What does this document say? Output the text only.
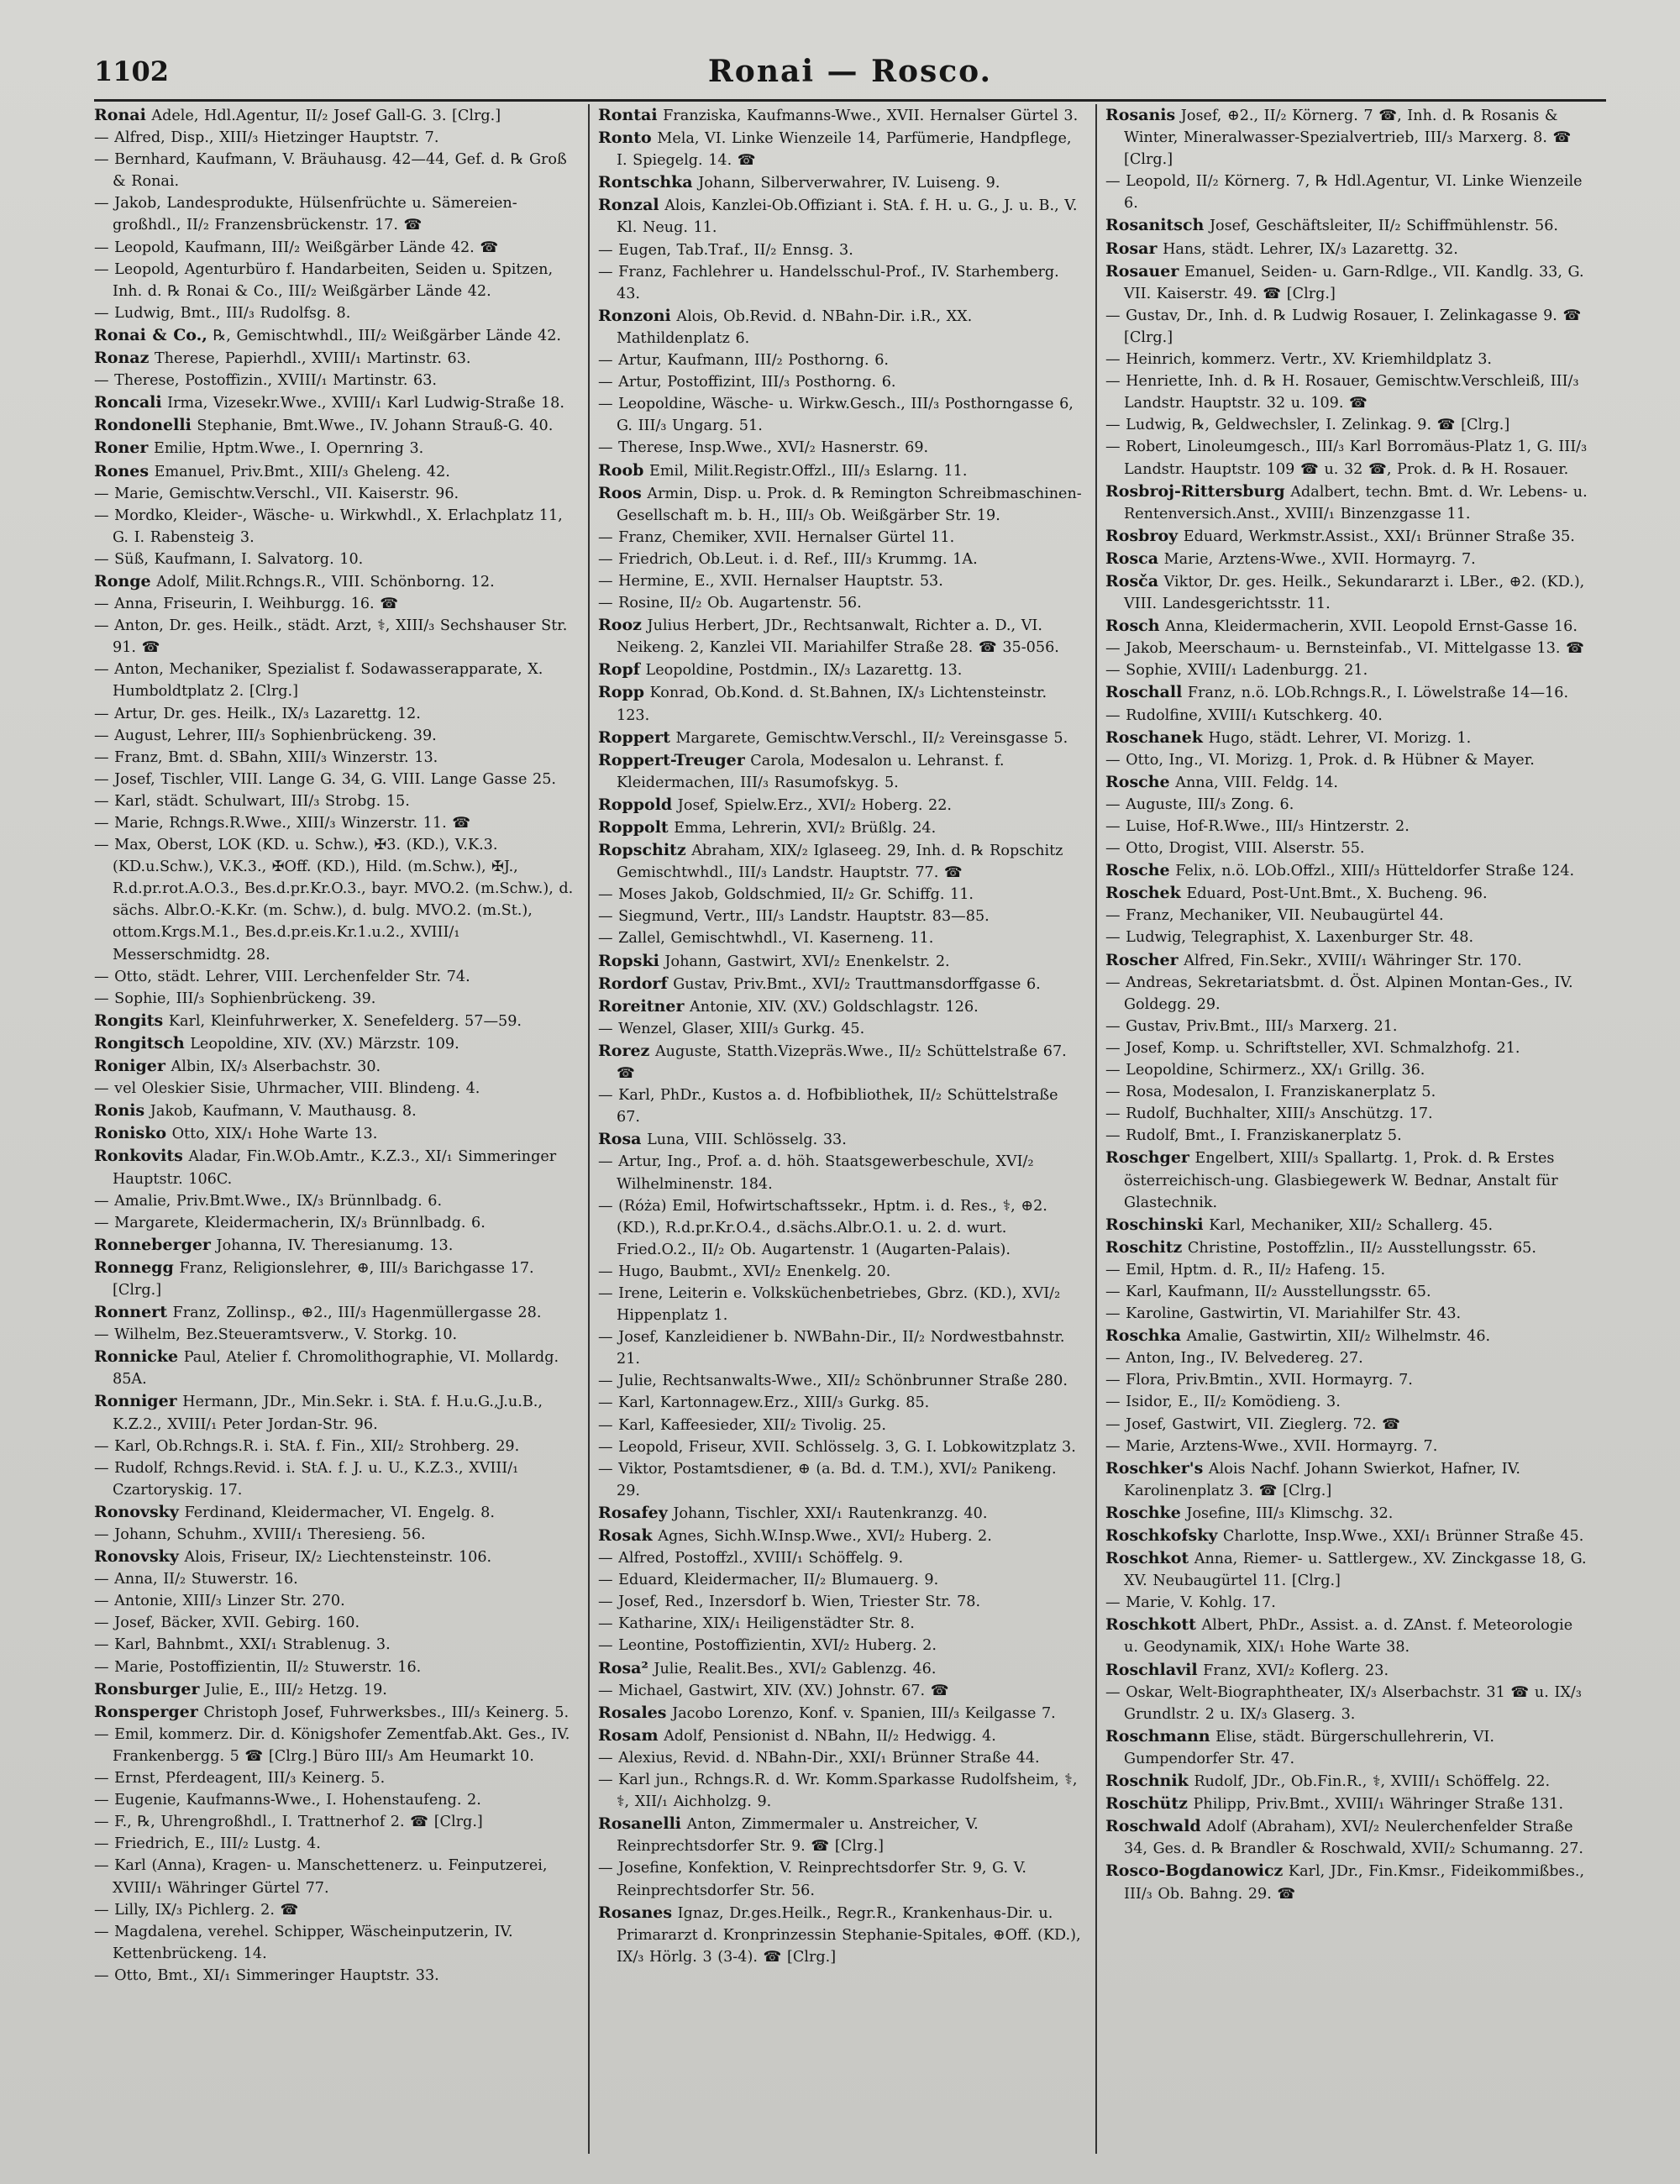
1102	Ronai — Rosco.
Ronai Adele, Hdl.Agentur, II/₂ Josef Gall-G. 3. [Clrg.]
— Alfred, Disp., XIII/₃ Hietzinger Hauptstr. 7.
— Bernhard, Kaufmann, V. Bräuhausg. 42—44, Gef. d. ℞ Groß & Ronai.
— Jakob, Landesprodukte, Hülsenfrüchte u. Sämereien-großhdl., II/₂ Franzensbrückenstr. 17. ☎
— Leopold, Kaufmann, III/₂ Weißgärber Lände 42. ☎
— Leopold, Agenturbüro f. Handarbeiten, Seiden u. Spitzen, Inh. d. ℞ Ronai & Co., III/₂ Weißgärber Lände 42.
— Ludwig, Bmt., III/₃ Rudolfsg. 8.
Ronai & Co., ℞, Gemischtwhdl., III/₂ Weißgärber Lände 42.
Ronaz Therese, Papierhdl., XVIII/₁ Martinstr. 63.
— Therese, Postoffizin., XVIII/₁ Martinstr. 63.
Roncali Irma, Vizesekr.Wwe., XVIII/₁ Karl Ludwig-Straße 18.
Rondonelli Stephanie, Bmt.Wwe., IV. Johann Strauß-G. 40.
Roner Emilie, Hptm.Wwe., I. Opernring 3.
Rones Emanuel, Priv.Bmt., XIII/₃ Gheleng. 42.
— Marie, Gemischtw.Verschl., VII. Kaiserstr. 96.
— Mordko, Kleider-, Wäsche- u. Wirkwhdl., X. Erlachplatz 11, G. I. Rabensteig 3.
— Süß, Kaufmann, I. Salvatorg. 10.
Ronge Adolf, Milit.Rchngs.R., VIII. Schönborng. 12.
— Anna, Friseurin, I. Weihburgg. 16. ☎
— Anton, Dr. ges. Heilk., städt. Arzt, ⚕, XIII/₃ Sechshauser Str. 91. ☎
— Anton, Mechaniker, Spezialist f. Sodawasserapparate, X. Humboldtplatz 2. [Clrg.]
— Artur, Dr. ges. Heilk., IX/₃ Lazarettg. 12.
— August, Lehrer, III/₃ Sophienbrückeng. 39.
— Franz, Bmt. d. SBahn, XIII/₃ Winzerstr. 13.
— Josef, Tischler, VIII. Lange G. 34, G. VIII. Lange Gasse 25.
— Karl, städt. Schulwart, III/₃ Strobg. 15.
— Marie, Rchngs.R.Wwe., XIII/₃ Winzerstr. 11. ☎
— Max, Oberst, LOK (KD. u. Schw.), ✠3. (KD.), V.K.3. (KD.u.Schw.), V.K.3., ✠Off. (KD.), Hild. (m.Schw.), ✠J., R.d.pr.rot.A.O.3., Bes.d.pr.Kr.O.3., bayr. MVO.2. (m.Schw.), d. sächs. Albr.O.-K.Kr. (m. Schw.), d. bulg. MVO.2. (m.St.), ottom.Krgs.M.1., Bes.d.pr.eis.Kr.1.u.2., XVIII/₁ Messerschmidtg. 28.
— Otto, städt. Lehrer, VIII. Lerchenfelder Str. 74.
— Sophie, III/₃ Sophienbrückeng. 39.
Rongits Karl, Kleinfuhrwerker, X. Senefelderg. 57—59.
Rongitsch Leopoldine, XIV. (XV.) Märzstr. 109.
Roniger Albin, IX/₃ Alserbachstr. 30.
— vel Oleskier Sisie, Uhrmacher, VIII. Blindeng. 4.
Ronis Jakob, Kaufmann, V. Mauthausg. 8.
Ronisko Otto, XIX/₁ Hohe Warte 13.
Ronkovits Aladar, Fin.W.Ob.Amtr., K.Z.3., XI/₁ Simmeringer Hauptstr. 106C.
— Amalie, Priv.Bmt.Wwe., IX/₃ Brünnlbadg. 6.
— Margarete, Kleidermacherin, IX/₃ Brünnlbadg. 6.
Ronneberger Johanna, IV. Theresianumg. 13.
Ronnegg Franz, Religionslehrer, ⊕, III/₃ Barichgasse 17. [Clrg.]
Ronnert Franz, Zollinsp., ⊕2., III/₃ Hagenmüllergasse 28.
— Wilhelm, Bez.Steueramtsverw., V. Storkg. 10.
Ronnicke Paul, Atelier f. Chromolithographie, VI. Mollardg. 85A.
Ronniger Hermann, JDr., Min.Sekr. i. StA. f. H.u.G.,J.u.B., K.Z.2., XVIII/₁ Peter Jordan-Str. 96.
— Karl, Ob.Rchngs.R. i. StA. f. Fin., XII/₂ Strohberg. 29.
— Rudolf, Rchngs.Revid. i. StA. f. J. u. U., K.Z.3., XVIII/₁ Czartoryskig. 17.
Ronovsky Ferdinand, Kleidermacher, VI. Engelg. 8.
— Johann, Schuhm., XVIII/₁ Theresieng. 56.
Ronovsky Alois, Friseur, IX/₂ Liechtensteinstr. 106.
— Anna, II/₂ Stuwerstr. 16.
— Antonie, XIII/₃ Linzer Str. 270.
— Josef, Bäcker, XVII. Gebirg. 160.
— Karl, Bahnbmt., XXI/₁ Strablenug. 3.
— Marie, Postoffizientin, II/₂ Stuwerstr. 16.
Ronsburger Julie, E., III/₂ Hetzg. 19.
Ronsperger Christoph Josef, Fuhrwerksbes., III/₃ Keinerg. 5.
— Emil, kommerz. Dir. d. Königshofer Zementfab.Akt. Ges., IV. Frankenbergg. 5 ☎ [Clrg.] Büro III/₃ Am Heumarkt 10.
— Ernst, Pferdeagent, III/₃ Keinerg. 5.
— Eugenie, Kaufmanns-Wwe., I. Hohenstaufeng. 2.
— F., ℞, Uhrengroßhdl., I. Trattnerhof 2. ☎ [Clrg.]
— Friedrich, E., III/₂ Lustg. 4.
— Karl (Anna), Kragen- u. Manschettenerz. u. Feinputzerei, XVIII/₁ Währinger Gürtel 77.
— Lilly, IX/₃ Pichlerg. 2. ☎
— Magdalena, verehel. Schipper, Wäscheinputzerin, IV. Kettenbrückeng. 14.
— Otto, Bmt., XI/₁ Simmeringer Hauptstr. 33.
Rontai Franziska, Kaufmanns-Wwe., XVII. Hernalser Gürtel 3.
Ronto Mela, VI. Linke Wienzeile 14, Parfümerie, Handpflege, I. Spiegelg. 14. ☎
Rontschka Johann, Silberverwahrer, IV. Luiseng. 9.
Ronzal Alois, Kanzlei-Ob.Offiziant i. StA. f. H. u. G., J. u. B., V. Kl. Neug. 11.
— Eugen, Tab.Traf., II/₂ Ennsg. 3.
— Franz, Fachlehrer u. Handelsschul-Prof., IV. Starhemberg. 43.
Ronzoni Alois, Ob.Revid. d. NBahn-Dir. i.R., XX. Mathildenplatz 6.
— Artur, Kaufmann, III/₂ Posthorng. 6.
— Artur, Postoffizint, III/₃ Posthorng. 6.
— Leopoldine, Wäsche- u. Wirkw.Gesch., III/₃ Posthorngasse 6, G. III/₃ Ungarg. 51.
— Therese, Insp.Wwe., XVI/₂ Hasnerstr. 69.
Roob Emil, Milit.Registr.Offzl., III/₃ Eslarng. 11.
Roos Armin, Disp. u. Prok. d. ℞ Remington Schreibmaschinen-Gesellschaft m. b. H., III/₃ Ob. Weißgärber Str. 19.
— Franz, Chemiker, XVII. Hernalser Gürtel 11.
— Friedrich, Ob.Leut. i. d. Ref., III/₃ Krummg. 1A.
— Hermine, E., XVII. Hernalser Hauptstr. 53.
— Rosine, II/₂ Ob. Augartenstr. 56.
Rooz Julius Herbert, JDr., Rechtsanwalt, Richter a. D., VI. Neikeng. 2, Kanzlei VII. Mariahilfer Straße 28. ☎ 35-056.
Ropf Leopoldine, Postdmin., IX/₃ Lazarettg. 13.
Ropp Konrad, Ob.Kond. d. St.Bahnen, IX/₃ Lichtensteinstr. 123.
Roppert Margarete, Gemischtw.Verschl., II/₂ Vereinsgasse 5.
Roppert-Treuger Carola, Modesalon u. Lehranst. f. Kleidermachen, III/₃ Rasumofskyg. 5.
Roppold Josef, Spielw.Erz., XVI/₂ Hoberg. 22.
Roppolt Emma, Lehrerin, XVI/₂ Brüßlg. 24.
Ropschitz Abraham, XIX/₂ Iglaseeg. 29, Inh. d. ℞ Ropschitz Gemischtwhdl., III/₃ Landstr. Hauptstr. 77. ☎
— Moses Jakob, Goldschmied, II/₂ Gr. Schiffg. 11.
— Siegmund, Vertr., III/₃ Landstr. Hauptstr. 83—85.
— Zallel, Gemischtwhdl., VI. Kaserneng. 11.
Ropski Johann, Gastwirt, XVI/₂ Enenkelstr. 2.
Rordorf Gustav, Priv.Bmt., XVI/₂ Trauttmansdorffgasse 6.
Roreitner Antonie, XIV. (XV.) Goldschlagstr. 126.
— Wenzel, Glaser, XIII/₃ Gurkg. 45.
Rorez Auguste, Statth.Vizepräs.Wwe., II/₂ Schüttelstraße 67. ☎
— Karl, PhDr., Kustos a. d. Hofbibliothek, II/₂ Schüttelstraße 67.
Rosa Luna, VIII. Schlösselg. 33.
— Artur, Ing., Prof. a. d. höh. Staatsgewerbeschule, XVI/₂ Wilhelminenstr. 184.
— (Róża) Emil, Hofwirtschaftssekr., Hptm. i. d. Res., ⚕, ⊕2. (KD.), R.d.pr.Kr.O.4., d.sächs.Albr.O.1. u. 2. d. wurt. Fried.O.2., II/₂ Ob. Augartenstr. 1 (Augarten-Palais).
— Hugo, Baubmt., XVI/₂ Enenkelg. 20.
— Irene, Leiterin e. Volksküchenbetriebes, Gbrz. (KD.), XVI/₂ Hippenplatz 1.
— Josef, Kanzleidiener b. NWBahn-Dir., II/₂ Nordwestbahnstr. 21.
— Julie, Rechtsanwalts-Wwe., XII/₂ Schönbrunner Straße 280.
— Karl, Kartonnagew.Erz., XIII/₃ Gurkg. 85.
— Karl, Kaffeesieder, XII/₂ Tivolig. 25.
— Leopold, Friseur, XVII. Schlösselg. 3, G. I. Lobkowitzplatz 3.
— Viktor, Postamtsdiener, ⊕ (a. Bd. d. T.M.), XVI/₂ Panikeng. 29.
Rosafey Johann, Tischler, XXI/₁ Rautenkranzg. 40.
Rosak Agnes, Sichh.W.Insp.Wwe., XVI/₂ Huberg. 2.
— Alfred, Postoffzl., XVIII/₁ Schöffelg. 9.
— Eduard, Kleidermacher, II/₂ Blumauerg. 9.
— Josef, Red., Inzersdorf b. Wien, Triester Str. 78.
— Katharine, XIX/₁ Heiligenstädter Str. 8.
— Leontine, Postoffizientin, XVI/₂ Huberg. 2.
Rosa² Julie, Realit.Bes., XVI/₂ Gablenzg. 46.
— Michael, Gastwirt, XIV. (XV.) Johnstr. 67. ☎
Rosales Jacobo Lorenzo, Konf. v. Spanien, III/₃ Keilgasse 7.
Rosam Adolf, Pensionist d. NBahn, II/₂ Hedwigg. 4.
— Alexius, Revid. d. NBahn-Dir., XXI/₁ Brünner Straße 44.
— Karl jun., Rchngs.R. d. Wr. Komm.Sparkasse Rudolfsheim, ⚕, ⚕, XII/₁ Aichholzg. 9.
Rosanelli Anton, Zimmermaler u. Anstreicher, V. Reinprechtsdorfer Str. 9. ☎ [Clrg.]
— Josefine, Konfektion, V. Reinprechtsdorfer Str. 9, G. V. Reinprechtsdorfer Str. 56.
Rosanes Ignaz, Dr.ges.Heilk., Regr.R., Krankenhaus-Dir. u. Primararzt d. Kronprinzessin Stephanie-Spitales, ⊕Off. (KD.), IX/₃ Hörlg. 3 (3-4). ☎ [Clrg.]
Rosanis Josef, ⊕2., II/₂ Körnerg. 7 ☎, Inh. d. ℞ Rosanis & Winter, Mineralwasser-Spezialvertrieb, III/₃ Marxerg. 8. ☎ [Clrg.]
— Leopold, II/₂ Körnerg. 7, ℞ Hdl.Agentur, VI. Linke Wienzeile 6.
Rosanitsch Josef, Geschäftsleiter, II/₂ Schiffmühlenstr. 56.
Rosar Hans, städt. Lehrer, IX/₃ Lazarettg. 32.
Rosauer Emanuel, Seiden- u. Garn-Rdlge., VII. Kandlg. 33, G. VII. Kaiserstr. 49. ☎ [Clrg.]
— Gustav, Dr., Inh. d. ℞ Ludwig Rosauer, I. Zelinkagasse 9. ☎ [Clrg.]
— Heinrich, kommerz. Vertr., XV. Kriemhildplatz 3.
— Henriette, Inh. d. ℞ H. Rosauer, Gemischtw.Verschleiß, III/₃ Landstr. Hauptstr. 32 u. 109. ☎
— Ludwig, ℞, Geldwechsler, I. Zelinkag. 9. ☎ [Clrg.]
— Robert, Linoleumgesch., III/₃ Karl Borromäus-Platz 1, G. III/₃ Landstr. Hauptstr. 109 ☎ u. 32 ☎, Prok. d. ℞ H. Rosauer.
Rosbroj-Rittersburg Adalbert, techn. Bmt. d. Wr. Lebens- u. Rentenversich.Anst., XVIII/₁ Binzenzgasse 11.
Rosbroy Eduard, Werkmstr.Assist., XXI/₁ Brünner Straße 35.
Rosca Marie, Arztens-Wwe., XVII. Hormayrg. 7.
Rosča Viktor, Dr. ges. Heilk., Sekundararzt i. LBer., ⊕2. (KD.), VIII. Landesgerichtsstr. 11.
Rosch Anna, Kleidermacherin, XVII. Leopold Ernst-Gasse 16.
— Jakob, Meerschaum- u. Bernsteinfab., VI. Mittelgasse 13. ☎
— Sophie, XVIII/₁ Ladenburgg. 21.
Roschall Franz, n.ö. LOb.Rchngs.R., I. Löwelstraße 14—16.
— Rudolfine, XVIII/₁ Kutschkerg. 40.
Roschanek Hugo, städt. Lehrer, VI. Morizg. 1.
— Otto, Ing., VI. Morizg. 1, Prok. d. ℞ Hübner & Mayer.
Rosche Anna, VIII. Feldg. 14.
— Auguste, III/₃ Zong. 6.
— Luise, Hof-R.Wwe., III/₃ Hintzerstr. 2.
— Otto, Drogist, VIII. Alserstr. 55.
Rosche Felix, n.ö. LOb.Offzl., XIII/₃ Hütteldorfer Straße 124.
Roschek Eduard, Post-Unt.Bmt., X. Bucheng. 96.
— Franz, Mechaniker, VII. Neubaugürtel 44.
— Ludwig, Telegraphist, X. Laxenburger Str. 48.
Roscher Alfred, Fin.Sekr., XVIII/₁ Währinger Str. 170.
— Andreas, Sekretariatsbmt. d. Öst. Alpinen Montan-Ges., IV. Goldegg. 29.
— Gustav, Priv.Bmt., III/₃ Marxerg. 21.
— Josef, Komp. u. Schriftsteller, XVI. Schmalzhofg. 21.
— Leopoldine, Schirmerz., XX/₁ Grillg. 36.
— Rosa, Modesalon, I. Franziskanerplatz 5.
— Rudolf, Buchhalter, XIII/₃ Anschützg. 17.
— Rudolf, Bmt., I. Franziskanerplatz 5.
Roschger Engelbert, XIII/₃ Spallartg. 1, Prok. d. ℞ Erstes österreichisch-ung. Glasbiegewerk W. Bednar, Anstalt für Glastechnik.
Roschinski Karl, Mechaniker, XII/₂ Schallerg. 45.
Roschitz Christine, Postoffzlin., II/₂ Ausstellungsstr. 65.
— Emil, Hptm. d. R., II/₂ Hafeng. 15.
— Karl, Kaufmann, II/₂ Ausstellungsstr. 65.
— Karoline, Gastwirtin, VI. Mariahilfer Str. 43.
Roschka Amalie, Gastwirtin, XII/₂ Wilhelmstr. 46.
— Anton, Ing., IV. Belvedereg. 27.
— Flora, Priv.Bmtin., XVII. Hormayrg. 7.
— Isidor, E., II/₂ Komödieng. 3.
— Josef, Gastwirt, VII. Zieglerg. 72. ☎
— Marie, Arztens-Wwe., XVII. Hormayrg. 7.
Roschker's Alois Nachf. Johann Swierkot, Hafner, IV. Karolinenplatz 3. ☎ [Clrg.]
Roschke Josefine, III/₃ Klimschg. 32.
Roschkofsky Charlotte, Insp.Wwe., XXI/₁ Brünner Straße 45.
Roschkot Anna, Riemer- u. Sattlergew., XV. Zinckgasse 18, G. XV. Neubaugürtel 11. [Clrg.]
— Marie, V. Kohlg. 17.
Roschkott Albert, PhDr., Assist. a. d. ZAnst. f. Meteorologie u. Geodynamik, XIX/₁ Hohe Warte 38.
Roschlavil Franz, XVI/₂ Koflerg. 23.
— Oskar, Welt-Biographtheater, IX/₃ Alserbachstr. 31 ☎ u. IX/₃ Grundlstr. 2 u. IX/₃ Glaserg. 3.
Roschmann Elise, städt. Bürgerschullehrerin, VI. Gumpendorfer Str. 47.
Roschnik Rudolf, JDr., Ob.Fin.R., ⚕, XVIII/₁ Schöffelg. 22.
Roschütz Philipp, Priv.Bmt., XVIII/₁ Währinger Straße 131.
Roschwald Adolf (Abraham), XVI/₂ Neulerchenfelder Straße 34, Ges. d. ℞ Brandler & Roschwald, XVII/₂ Schumanng. 27.
Rosco-Bogdanowicz Karl, JDr., Fin.Kmsr., Fideikommißbes., III/₃ Ob. Bahng. 29. ☎
